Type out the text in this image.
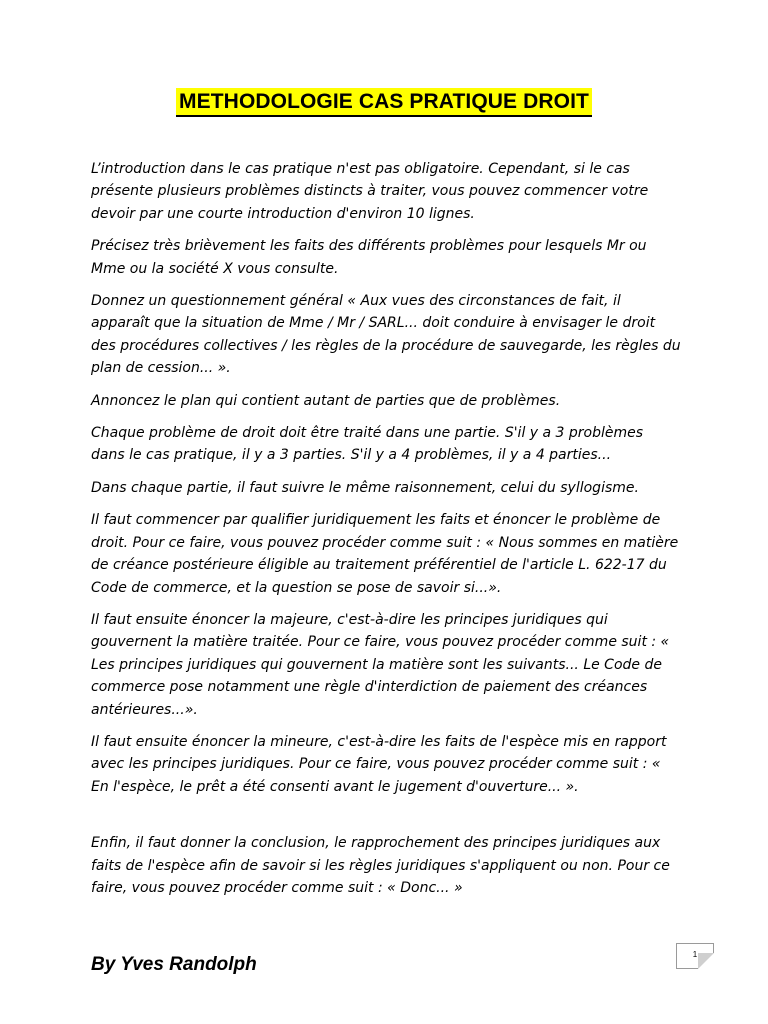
METHODOLOGIE CAS PRATIQUE DROIT

L’introduction dans le cas pratique n'est pas obligatoire. Cependant, si le cas présente plusieurs problèmes distincts à traiter, vous pouvez commencer votre devoir par une courte introduction d'environ 10 lignes.

Précisez très brièvement les faits des différents problèmes pour lesquels Mr ou Mme ou la société X vous consulte.

Donnez un questionnement général « Aux vues des circonstances de fait, il apparaît que la situation de Mme / Mr / SARL... doit conduire à envisager le droit des procédures collectives / les règles de la procédure de sauvegarde, les règles du plan de cession... ».

Annoncez le plan qui contient autant de parties que de problèmes.

Chaque problème de droit doit être traité dans une partie. S'il y a 3 problèmes dans le cas pratique, il y a 3 parties. S'il y a 4 problèmes, il y a 4 parties...

Dans chaque partie, il faut suivre le même raisonnement, celui du syllogisme.

Il faut commencer par qualifier juridiquement les faits et énoncer le problème de droit. Pour ce faire, vous pouvez procéder comme suit : « Nous sommes en matière de créance postérieure éligible au traitement préférentiel de l'article L. 622-17 du Code de commerce, et la question se pose de savoir si...».

Il faut ensuite énoncer la majeure, c'est-à-dire les principes juridiques qui gouvernent la matière traitée. Pour ce faire, vous pouvez procéder comme suit : « Les principes juridiques qui gouvernent la matière sont les suivants... Le Code de commerce pose notamment une règle d'interdiction de paiement des créances antérieures...».

Il faut ensuite énoncer la mineure, c'est-à-dire les faits de l'espèce mis en rapport avec les principes juridiques. Pour ce faire, vous pouvez procéder comme suit : « En l'espèce, le prêt a été consenti avant le jugement d'ouverture... ».

Enfin, il faut donner la conclusion, le rapprochement des principes juridiques aux faits de l'espèce afin de savoir si les règles juridiques s'appliquent ou non. Pour ce faire, vous pouvez procéder comme suit : « Donc... »

By Yves Randolph	1
